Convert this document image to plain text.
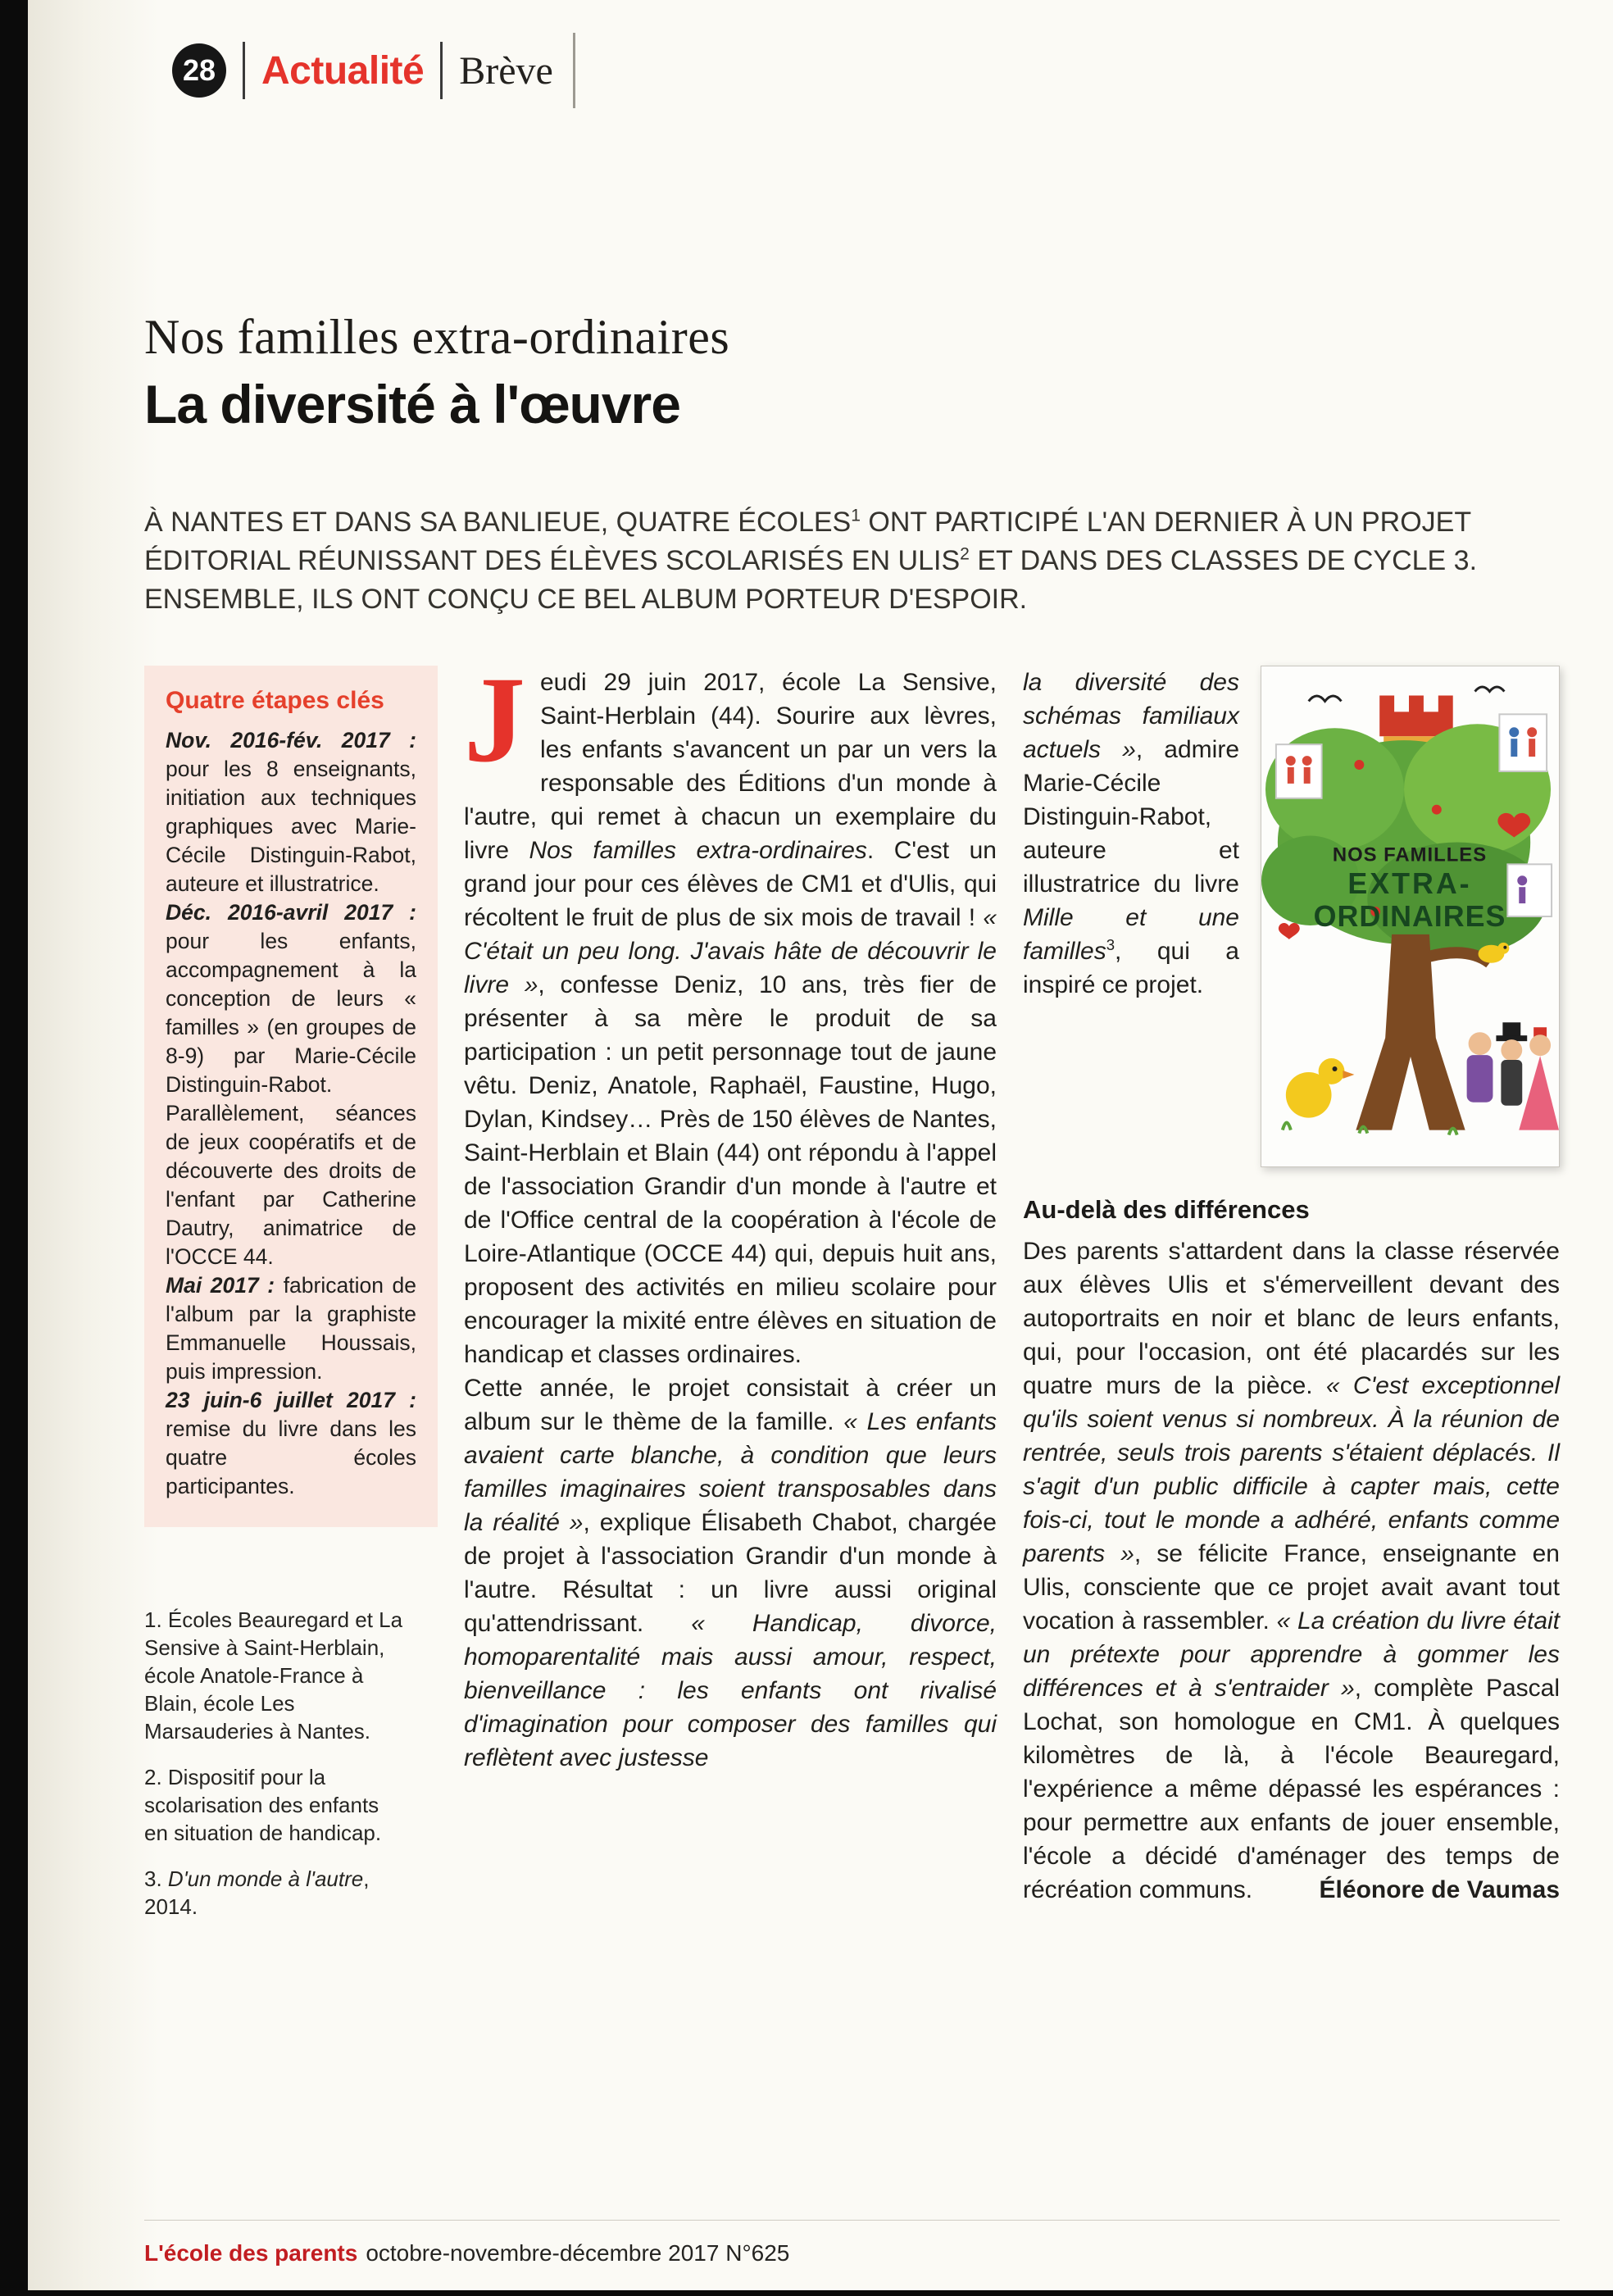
28 Actualité Brève
Nos familles extra-ordinaires
La diversité à l'œuvre

À NANTES ET DANS SA BANLIEUE, QUATRE ÉCOLES$^1$ ONT PARTICIPÉ L'AN DERNIER À UN PROJET ÉDITORIAL RÉUNISSANT DES ÉLÈVES SCOLARISÉS EN ULIS$^2$ ET DANS DES CLASSES DE CYCLE 3. ENSEMBLE, ILS ONT CONÇU CE BEL ALBUM PORTEUR D'ESPOIR.

Quatre étapes clés

Nov. 2016-fév. 2017 : pour les 8 enseignants, initiation aux techniques graphiques avec Marie-Cécile Distinguin-Rabot, auteure et illustratrice.

Déc. 2016-avril 2017 : pour les enfants, accompagnement à la conception de leurs « familles » (en groupes de 8-9) par Marie-Cécile Distinguin-Rabot. Parallèlement, séances de jeux coopératifs et de découverte des droits de l'enfant par Catherine Dautry, animatrice de l'OCCE 44.

Mai 2017 : fabrication de l'album par la graphiste Emmanuelle Houssais, puis impression.

23 juin-6 juillet 2017 : remise du livre dans les quatre écoles participantes.

1. Écoles Beauregard et La Sensive à Saint-Herblain, école Anatole-France à Blain, école Les Marsauderies à Nantes.

2. Dispositif pour la scolarisation des enfants en situation de handicap.

3. D'un monde à l'autre, 2014.

Jeudi 29 juin 2017, école La Sensive, Saint-Herblain (44). Sourire aux lèvres, les enfants s'avancent un par un vers la responsable des Éditions d'un monde à l'autre, qui remet à chacun un exemplaire du livre Nos familles extra-ordinaires. C'est un grand jour pour ces élèves de CM1 et d'Ulis, qui récoltent le fruit de plus de six mois de travail ! « C'était un peu long. J'avais hâte de découvrir le livre », confesse Deniz, 10 ans, très fier de présenter à sa mère le produit de sa participation : un petit personnage tout de jaune vêtu. Deniz, Anatole, Raphaël, Faustine, Hugo, Dylan, Kindsey… Près de 150 élèves de Nantes, Saint-Herblain et Blain (44) ont répondu à l'appel de l'association Grandir d'un monde à l'autre et de l'Office central de la coopération à l'école de Loire-Atlantique (OCCE 44) qui, depuis huit ans, proposent des activités en milieu scolaire pour encourager la mixité entre élèves en situation de handicap et classes ordinaires.

Cette année, le projet consistait à créer un album sur le thème de la famille. « Les enfants avaient carte blanche, à condition que leurs familles imaginaires soient transposables dans la réalité », explique Élisabeth Chabot, chargée de projet à l'association Grandir d'un monde à l'autre. Résultat : un livre aussi original qu'attendrissant. « Handicap, divorce, homoparentalité mais aussi amour, respect, bienveillance : les enfants ont rivalisé d'imagination pour composer des familles qui reflètent avec justesse

la diversité des schémas familiaux actuels », admire Marie-Cécile Distinguin-Rabot, auteure et illustratrice du livre Mille et une familles$^3$, qui a inspiré ce projet.

NOS FAMILLES
EXTRA-
ORDINAIRES
Au-delà des différences

Des parents s'attardent dans la classe réservée aux élèves Ulis et s'émerveillent devant des autoportraits en noir et blanc de leurs enfants, qui, pour l'occasion, ont été placardés sur les quatre murs de la pièce. « C'est exceptionnel qu'ils soient venus si nombreux. À la réunion de rentrée, seuls trois parents s'étaient déplacés. Il s'agit d'un public difficile à capter mais, cette fois-ci, tout le monde a adhéré, enfants comme parents », se félicite France, enseignante en Ulis, consciente que ce projet avait avant tout vocation à rassembler. « La création du livre était un prétexte pour apprendre à gommer les différences et à s'entraider », complète Pascal Lochat, son homologue en CM1. À quelques kilomètres de là, à l'école Beauregard, l'expérience a même dépassé les espérances : pour permettre aux enfants de jouer ensemble, l'école a décidé d'aménager des temps de récréation communs.	Éléonore de Vaumas

L'école des parents octobre-novembre-décembre 2017 N°625
